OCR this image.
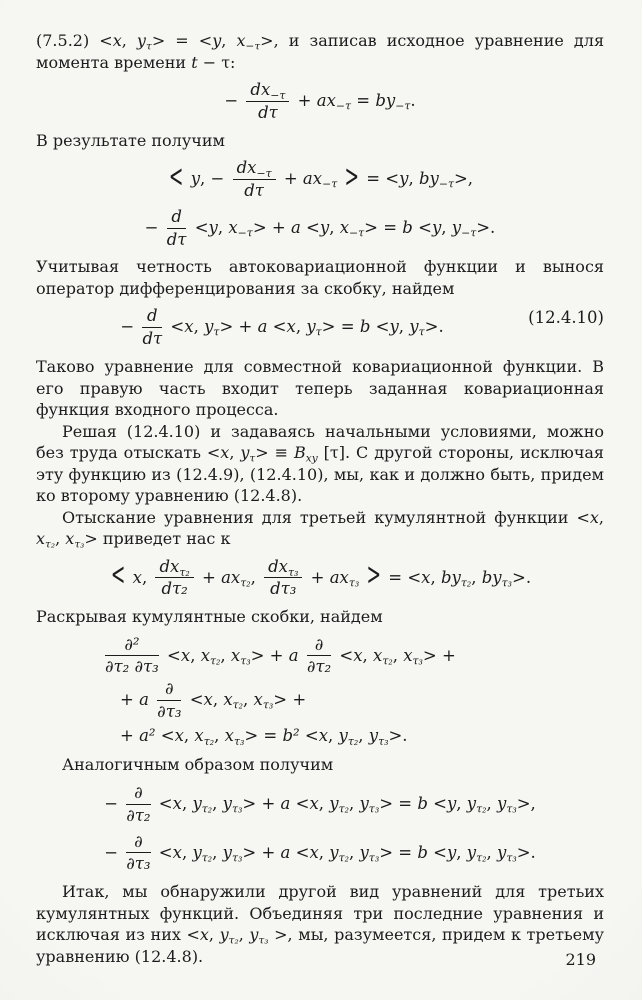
(7.5.2) <x, $y_\tau> = <y$, $x_{-\tau}>$, и записав исходное уравнение для момента времени t − τ:
− $\frac{dx_{-\tau}}{d\tau} + ax_{-\tau} = by_{-\tau}$.
В результате получим
< y, − $\frac{dx_{-\tau}}{d\tau} + ax_{-\tau}$ > = <y, $by_{-\tau}>$,
− $\frac{d}{d\tau} <y$, $x_{-\tau}> + a <y$, $x_{-\tau}> = b <y$, $y_{-\tau}>$.
Учитывая четность автоковариационной функции и вынося оператор дифференцирования за скобку, найдем
(12.4.10)
− $\frac{d}{d\tau} <x$, $y_\tau> + a <x$, $y_\tau> = b <y$, $y_\tau>$.
Таково уравнение для совместной ковариационной функции. В его правую часть входит теперь заданная ковариационная функция входного процесса.
Решая (12.4.10) и задаваясь начальными условиями, можно без труда отыскать <x, $y_\tau> \equiv B_{xy}$ [τ]. С другой стороны, исключая эту функцию из (12.4.9), (12.4.10), мы, как и должно быть, придем ко второму уравнению (12.4.8).
Отыскание уравнения для третьей кумулянтной функции <x, $x_{\tau_2}$, $x_{\tau_3}>$ приведет нас к
< x, $\frac{dx_{\tau_2}}{\text{dτ₂}} + ax_{\tau_2}$, $\frac{dx_{\tau_3}}{\text{dτ₃}} + ax_{\tau_3}$ > = <x, $by_{\tau_2}$, $by_{\tau_3}>$.
Раскрывая кумулянтные скобки, найдем
$\frac{\text{∂²}}{\text{∂τ₂ ∂τ₃}} <x$, $x_{\tau_2}$, $x_{\tau_3}> + a \frac{\partial}{\text{∂τ₂}} <x$, $x_{\tau_2}$, $x_{\tau_3}>$ +
+ a $\frac{\partial}{\text{∂τ₃}} <x$, $x_{\tau_2}$, $x_{\tau_3}>$ +
+ a² <x, $x_{\tau_2}$, $x_{\tau_3}> = b^2 <x$, $y_{\tau_2}$, $y_{\tau_3}>$.
Аналогичным образом получим
− $\frac{\partial}{\text{∂τ₂}} <x$, $y_{\tau_2}$, $y_{\tau_3}> + a <x$, $y_{\tau_2}$, $y_{\tau_3}> = b <y$, $y_{\tau_2}$, $y_{\tau_3}>$,
− $\frac{\partial}{\text{∂τ₃}} <x$, $y_{\tau_2}$, $y_{\tau_3}> + a <x$, $y_{\tau_2}$, $y_{\tau_3}> = b <y$, $y_{\tau_2}$, $y_{\tau_3}>$.
Итак, мы обнаружили другой вид уравнений для третьих кумулянтных функций. Объединяя три последние уравнения и исключая из них <x, $y_{\tau_2}$, $y_{\tau_3}$ >, мы, разумеется, придем к третьему уравнению (12.4.8).	219
